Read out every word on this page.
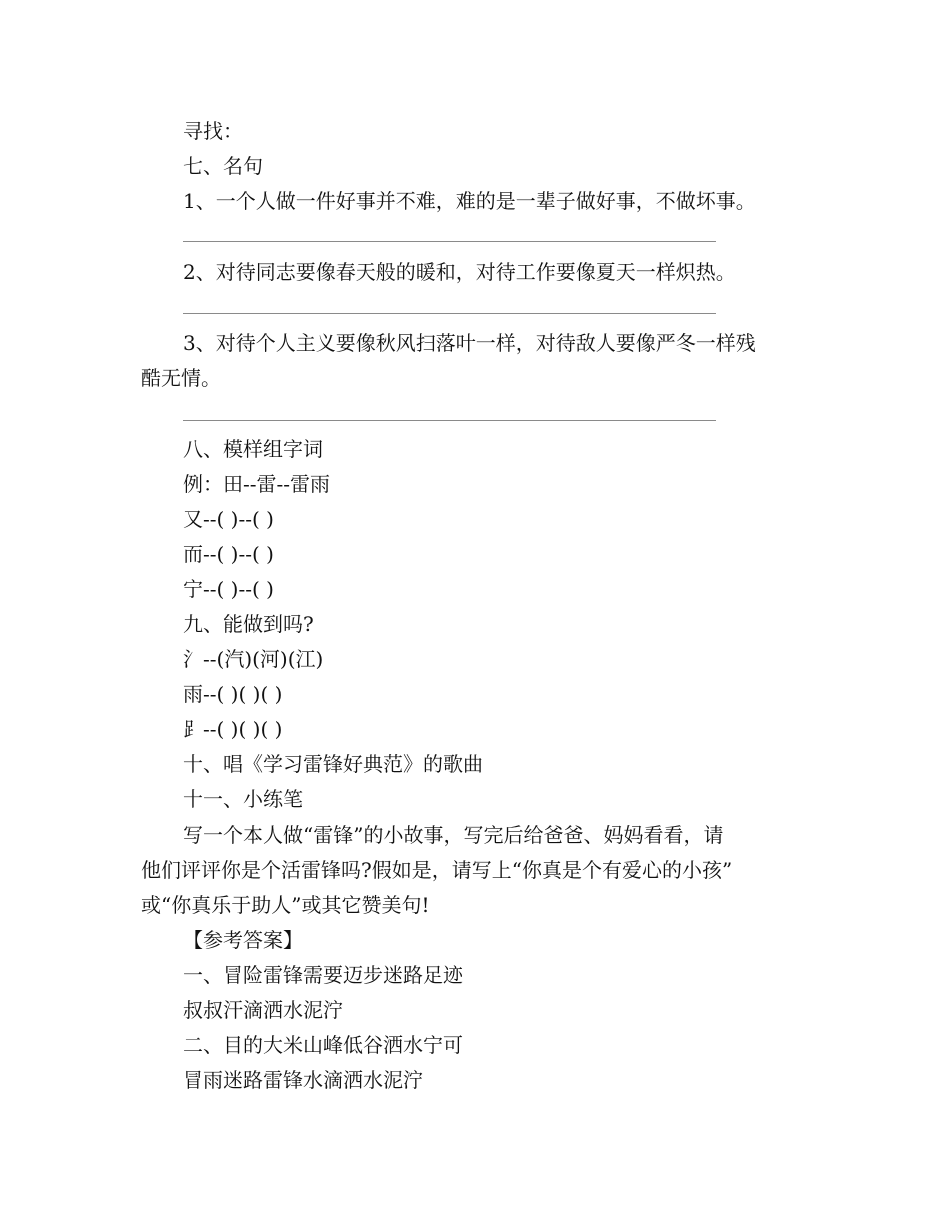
寻找：
七、名句
1、一个人做一件好事并不难，难的是一辈子做好事，不做坏事。
2、对待同志要像春天般的暖和，对待工作要像夏天一样炽热。
3、对待个人主义要像秋风扫落叶一样，对待敌人要像严冬一样残
酷无情。
八、模样组字词
例：田--雷--雷雨
又--( )--( )
而--( )--( )
宁--( )--( )
九、能做到吗?
氵--(汽)(河)(江)
雨--( )( )( )
⻊--( )( )( )
十、唱《学习雷锋好典范》的歌曲
十一、小练笔
写一个本人做“雷锋”的小故事，写完后给爸爸、妈妈看看，请
他们评评你是个活雷锋吗?假如是，请写上“你真是个有爱心的小孩”
或“你真乐于助人”或其它赞美句!
【参考答案】
一、冒险雷锋需要迈步迷路足迹
叔叔汗滴洒水泥泞
二、目的大米山峰低谷洒水宁可
冒雨迷路雷锋水滴洒水泥泞
